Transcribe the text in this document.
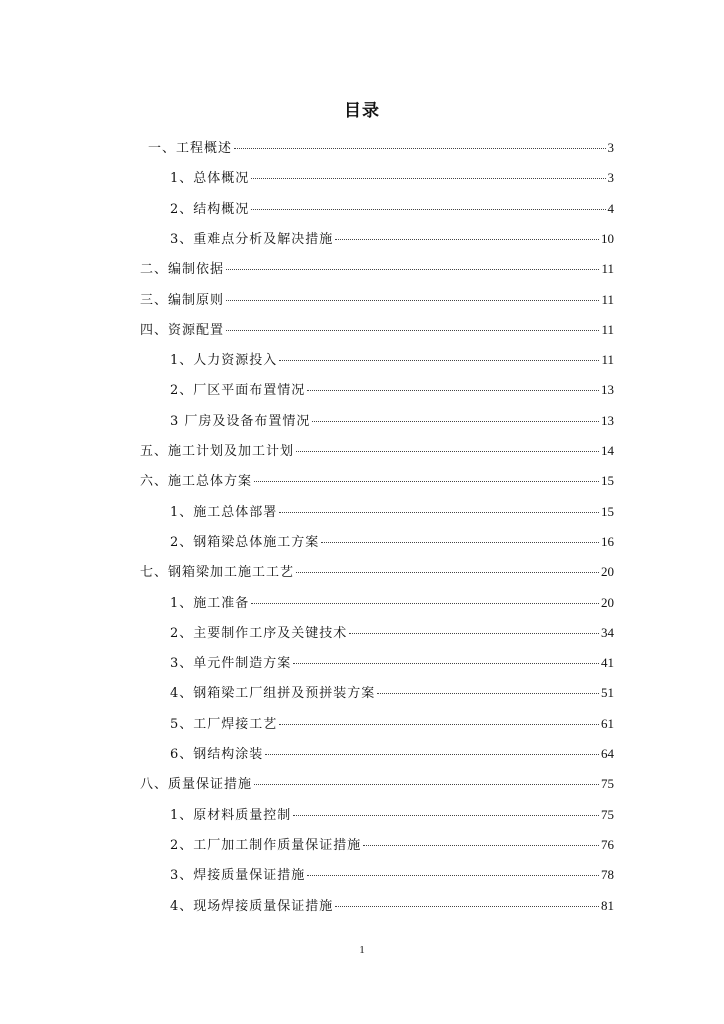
目录
一、工程概述	3
1、总体概况	3
2、结构概况	4
3、重难点分析及解决措施	10
二、编制依据	11
三、编制原则	11
四、资源配置	11
1、人力资源投入	11
2、厂区平面布置情况	13
3 厂房及设备布置情况	13
五、施工计划及加工计划	14
六、施工总体方案	15
1、施工总体部署	15
2、钢箱梁总体施工方案	16
七、钢箱梁加工施工工艺	20
1、施工准备	20
2、主要制作工序及关键技术	34
3、单元件制造方案	41
4、钢箱梁工厂组拼及预拼装方案	51
5、工厂焊接工艺	61
6、钢结构涂装	64
八、质量保证措施	75
1、原材料质量控制	75
2、工厂加工制作质量保证措施	76
3、焊接质量保证措施	78
4、现场焊接质量保证措施	81
1
